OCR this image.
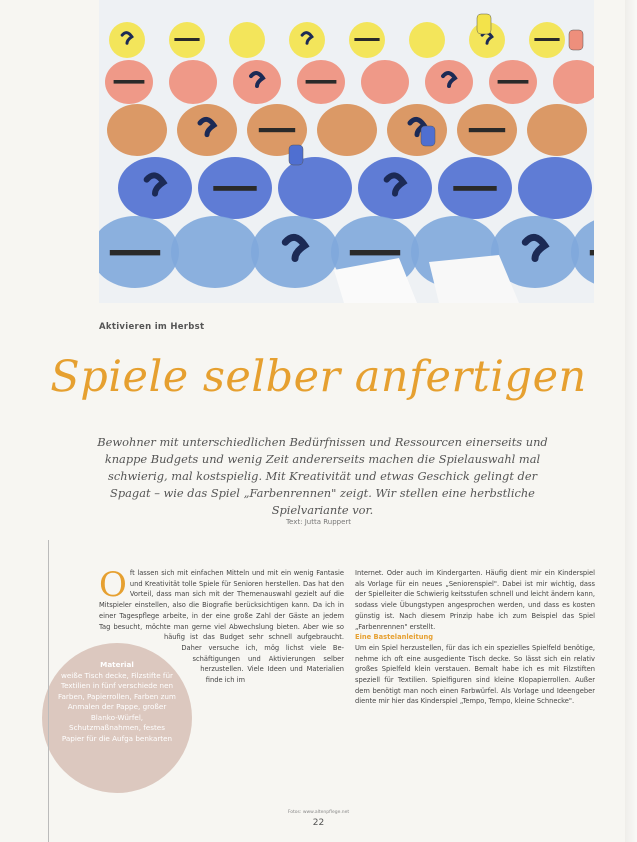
Aktivieren im Herbst
Spiele selber anfertigen
Bewohner mit unterschiedlichen Bedürfnissen und Ressourcen einerseits und knappe Budgets und wenig Zeit andererseits machen die Spielauswahl mal schwierig, mal kostspielig. Mit Kreativität und etwas Geschick gelingt der Spagat – wie das Spiel „Farbenrennen" zeigt. Wir stellen eine herbstliche Spielvariante vor.
Text: Jutta Ruppert
O ft lassen sich mit einfachen Mitteln und mit ein wenig Fantasie und Kreativität tolle Spiele für Senioren herstellen. Das hat den Vorteil, dass man sich mit der Themenauswahl gezielt auf die Mitspieler einstellen, also die Biografie berücksichtigen kann. Da ich in einer Tagespflege arbeite, in der eine große Zahl der Gäste an jedem Tag besucht, möchte man gerne viel Abwechslung bieten. Aber wie so häufig ist das Budget sehr schnell aufgebraucht. Daher versuche ich, mög lichst viele Be-schäftigungen und Aktivierungen selber herzustellen. Viele Ideen und Materialien finde ich im

Internet. Oder auch im Kindergarten. Häufig dient mir ein Kinderspiel als Vorlage für ein neues „Seniorenspiel". Dabei ist mir wichtig, dass der Spielleiter die Schwierig keitsstufen schnell und leicht ändern kann, sodass viele Übungstypen angesprochen werden, und dass es kosten günstig ist. Nach diesem Prinzip habe ich zum Beispiel das Spiel „Farbenrennen" erstellt.

Eine Bastelanleitung

Um ein Spiel herzustellen, für das ich ein spezielles Spielfeld benötige, nehme ich oft eine ausgediente Tisch decke. So lässt sich ein relativ großes Spielfeld klein verstauen. Bemalt habe ich es mit Filzstiften speziell für Textilien. Spielfiguren sind kleine Klopapierrollen. Außer dem benötigt man noch einen Farbwürfel. Als Vorlage und Ideengeber diente mir hier das Kinderspiel „Tempo, Tempo, kleine Schnecke".

Material
weiße Tisch decke, Filzstifte für Textilien in fünf verschiede nen Farben, Papierrollen, Farben zum Anmalen der Pappe, großer Blanko-Würfel, Schutzmaßnahmen, festes Papier für die Aufga benkarten
Fotos: www.altenpflege.net
22
